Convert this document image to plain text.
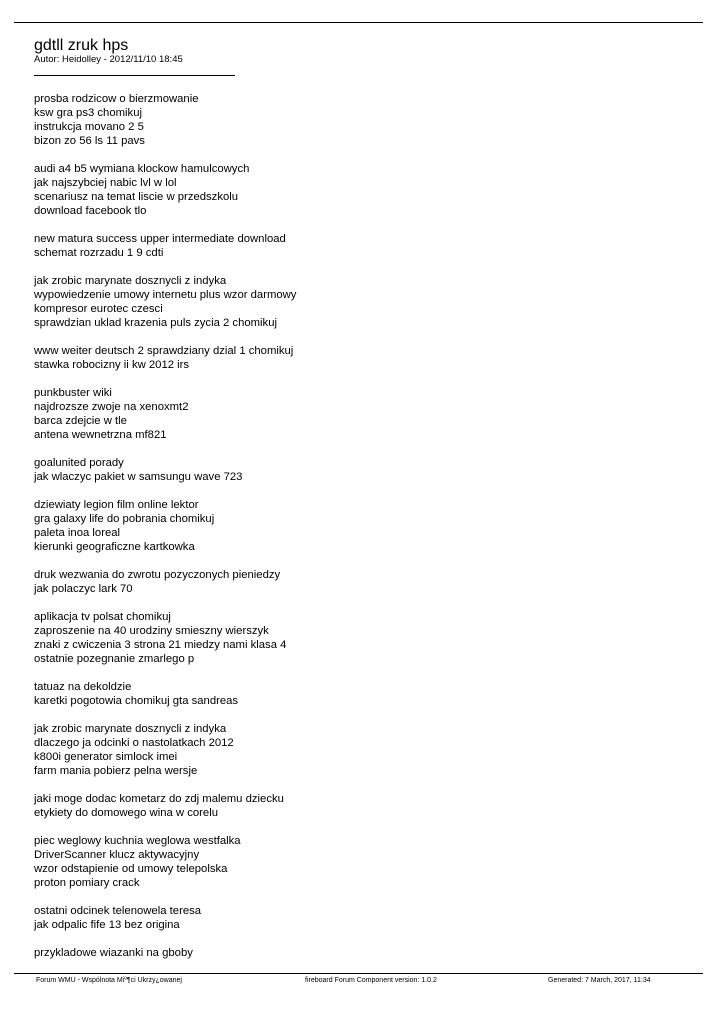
gdtll zruk hps
Autor: Heidolley - 2012/11/10 18:45
prosba rodzicow o bierzmowanie
ksw gra ps3 chomikuj
instrukcja movano 2 5
bizon zo 56 ls 11 pavs
audi a4 b5 wymiana klockow hamulcowych
jak najszybciej nabic lvl w lol
scenariusz na temat liscie w przedszkolu
download facebook tlo
new matura success upper intermediate download
schemat rozrzadu 1 9 cdti
jak zrobic marynate dosznycli z indyka
wypowiedzenie umowy internetu plus wzor darmowy
kompresor eurotec czesci
sprawdzian uklad krazenia puls zycia 2 chomikuj
www weiter deutsch 2 sprawdziany dzial 1 chomikuj
stawka robocizny ii kw 2012 irs
punkbuster wiki
najdrozsze zwoje na xenoxmt2
barca zdejcie w tle
antena wewnetrzna mf821
goalunited porady
jak wlaczyc pakiet w samsungu wave 723
dziewiaty legion film online lektor
gra galaxy life do pobrania chomikuj
paleta inoa loreal
kierunki geograficzne kartkowka
druk wezwania do zwrotu pozyczonych pieniedzy
jak polaczyc lark 70
aplikacja tv polsat chomikuj
zaproszenie na 40 urodziny smieszny wierszyk
znaki z cwiczenia 3 strona 21 miedzy nami klasa 4
ostatnie pozegnanie zmarlego p
tatuaz na dekoldzie
karetki pogotowia chomikuj gta sandreas
jak zrobic marynate dosznycli z indyka
dlaczego ja odcinki o nastolatkach 2012
k800i generator simlock imei
farm mania pobierz pelna wersje
jaki moge dodac kometarz do zdj malemu dziecku
etykiety do domowego wina w corelu
piec weglowy kuchnia weglowa westfalka
DriverScanner klucz aktywacyjny
wzor odstapienie od umowy telepolska
proton pomiary crack
ostatni odcinek telenowela teresa
jak odpalic fife 13 bez origina
przykladowe wiazanki na gboby
Forum WMU - Wspólnota Miº¶ci Ukrzy¿owanej	fireboard Forum Component version: 1.0.2	Generated: 7 March, 2017, 11:34
